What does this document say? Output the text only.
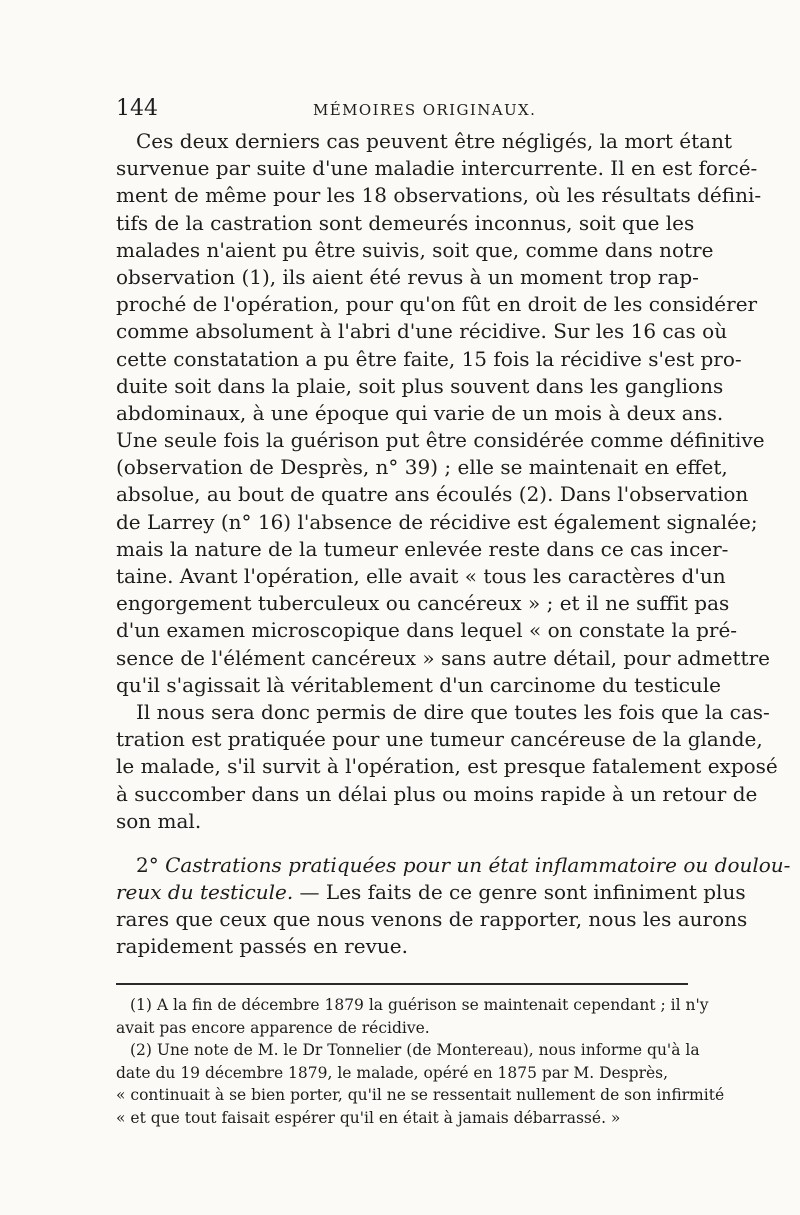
144	MÉMOIRES ORIGINAUX.
Ces deux derniers cas peuvent être négligés, la mort étant
survenue par suite d'une maladie intercurrente. Il en est forcé-
ment de même pour les 18 observations, où les résultats défini-
tifs de la castration sont demeurés inconnus, soit que les
malades n'aient pu être suivis, soit que, comme dans notre
observation (1), ils aient été revus à un moment trop rap-
proché de l'opération, pour qu'on fût en droit de les considérer
comme absolument à l'abri d'une récidive. Sur les 16 cas où
cette constatation a pu être faite, 15 fois la récidive s'est pro-
duite soit dans la plaie, soit plus souvent dans les ganglions
abdominaux, à une époque qui varie de un mois à deux ans.
Une seule fois la guérison put être considérée comme définitive
(observation de Desprès, n° 39) ; elle se maintenait en effet,
absolue, au bout de quatre ans écoulés (2). Dans l'observation
de Larrey (n° 16) l'absence de récidive est également signalée;
mais la nature de la tumeur enlevée reste dans ce cas incer-
taine. Avant l'opération, elle avait « tous les caractères d'un
engorgement tuberculeux ou cancéreux » ; et il ne suffit pas
d'un examen microscopique dans lequel « on constate la pré-
sence de l'élément cancéreux » sans autre détail, pour admettre
qu'il s'agissait là véritablement d'un carcinome du testicule
Il nous sera donc permis de dire que toutes les fois que la cas-
tration est pratiquée pour une tumeur cancéreuse de la glande,
le malade, s'il survit à l'opération, est presque fatalement exposé
à succomber dans un délai plus ou moins rapide à un retour de
son mal.
2° Castrations pratiquées pour un état inflammatoire ou doulou-
reux du testicule. — Les faits de ce genre sont infiniment plus
rares que ceux que nous venons de rapporter, nous les aurons
rapidement passés en revue.
(1) A la fin de décembre 1879 la guérison se maintenait cependant ; il n'y
avait pas encore apparence de récidive.
(2) Une note de M. le Dr Tonnelier (de Montereau), nous informe qu'à la
date du 19 décembre 1879, le malade, opéré en 1875 par M. Desprès,
« continuait à se bien porter, qu'il ne se ressentait nullement de son infirmité
« et que tout faisait espérer qu'il en était à jamais débarrassé. »
